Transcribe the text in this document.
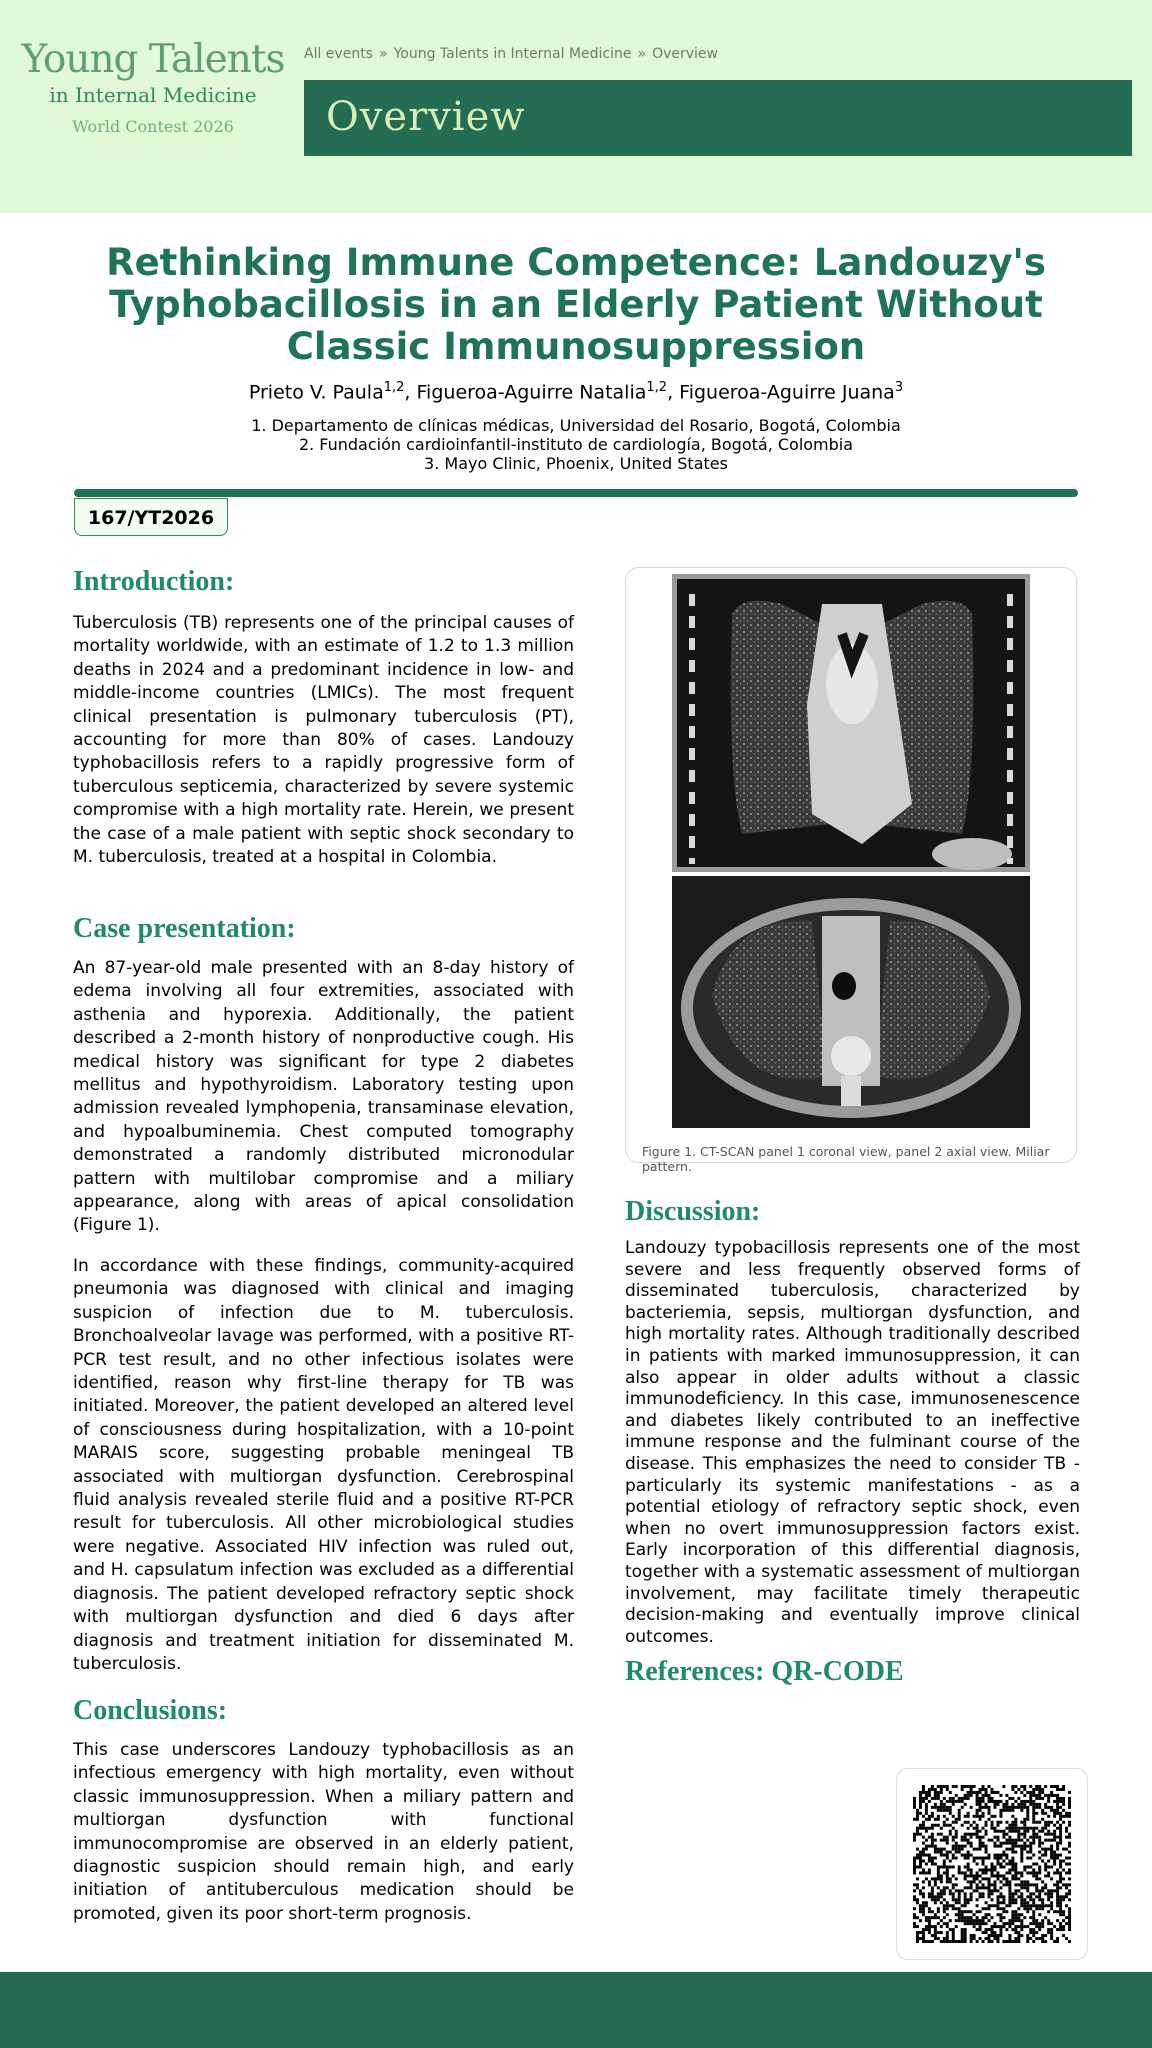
Young Talents
in Internal Medicine
World Contest 2026
All events » Young Talents in Internal Medicine » Overview
Overview
Rethinking Immune Competence: Landouzy's Typhobacillosis in an Elderly Patient Without Classic Immunosuppression
Prieto V. Paula$^{1,2}$, Figueroa-Aguirre Natalia$^{1,2}$, Figueroa-Aguirre Juana$^3$
1. Departamento de clínicas médicas, Universidad del Rosario, Bogotá, Colombia
2. Fundación cardioinfantil-instituto de cardiología, Bogotá, Colombia
3. Mayo Clinic, Phoenix, United States
167/YT2026
Introduction:

Tuberculosis (TB) represents one of the principal causes of mortality worldwide, with an estimate of 1.2 to 1.3 million deaths in 2024 and a predominant incidence in low- and middle-income countries (LMICs). The most frequent clinical presentation is pulmonary tuberculosis (PT), accounting for more than 80% of cases. Landouzy typhobacillosis refers to a rapidly progressive form of tuberculous septicemia, characterized by severe systemic compromise with a high mortality rate. Herein, we present the case of a male patient with septic shock secondary to M. tuberculosis, treated at a hospital in Colombia.

Case presentation:

An 87-year-old male presented with an 8-day history of edema involving all four extremities, associated with asthenia and hyporexia. Additionally, the patient described a 2-month history of nonproductive cough. His medical history was significant for type 2 diabetes mellitus and hypothyroidism. Laboratory testing upon admission revealed lymphopenia, transaminase elevation, and hypoalbuminemia. Chest computed tomography demonstrated a randomly distributed micronodular pattern with multilobar compromise and a miliary appearance, along with areas of apical consolidation (Figure 1).

In accordance with these findings, community-acquired pneumonia was diagnosed with clinical and imaging suspicion of infection due to M. tuberculosis. Bronchoalveolar lavage was performed, with a positive RT-PCR test result, and no other infectious isolates were identified, reason why first-line therapy for TB was initiated. Moreover, the patient developed an altered level of consciousness during hospitalization, with a 10-point MARAIS score, suggesting probable meningeal TB associated with multiorgan dysfunction. Cerebrospinal fluid analysis revealed sterile fluid and a positive RT-PCR result for tuberculosis. All other microbiological studies were negative. Associated HIV infection was ruled out, and H. capsulatum infection was excluded as a differential diagnosis. The patient developed refractory septic shock with multiorgan dysfunction and died 6 days after diagnosis and treatment initiation for disseminated M. tuberculosis.

Conclusions:

This case underscores Landouzy typhobacillosis as an infectious emergency with high mortality, even without classic immunosuppression. When a miliary pattern and multiorgan dysfunction with functional immunocompromise are observed in an elderly patient, diagnostic suspicion should remain high, and early initiation of antituberculous medication should be promoted, given its poor short-term prognosis.

Figure 1. CT-SCAN panel 1 coronal view, panel 2 axial view. Miliar pattern.

Discussion:

Landouzy typobacillosis represents one of the most severe and less frequently observed forms of disseminated tuberculosis, characterized by bacteriemia, sepsis, multiorgan dysfunction, and high mortality rates. Although traditionally described in patients with marked immunosuppression, it can also appear in older adults without a classic immunodeficiency. In this case, immunosenescence and diabetes likely contributed to an ineffective immune response and the fulminant course of the disease. This emphasizes the need to consider TB - particularly its systemic manifestations - as a potential etiology of refractory septic shock, even when no overt immunosuppression factors exist. Early incorporation of this differential diagnosis, together with a systematic assessment of multiorgan involvement, may facilitate timely therapeutic decision-making and eventually improve clinical outcomes.

References: QR-CODE
